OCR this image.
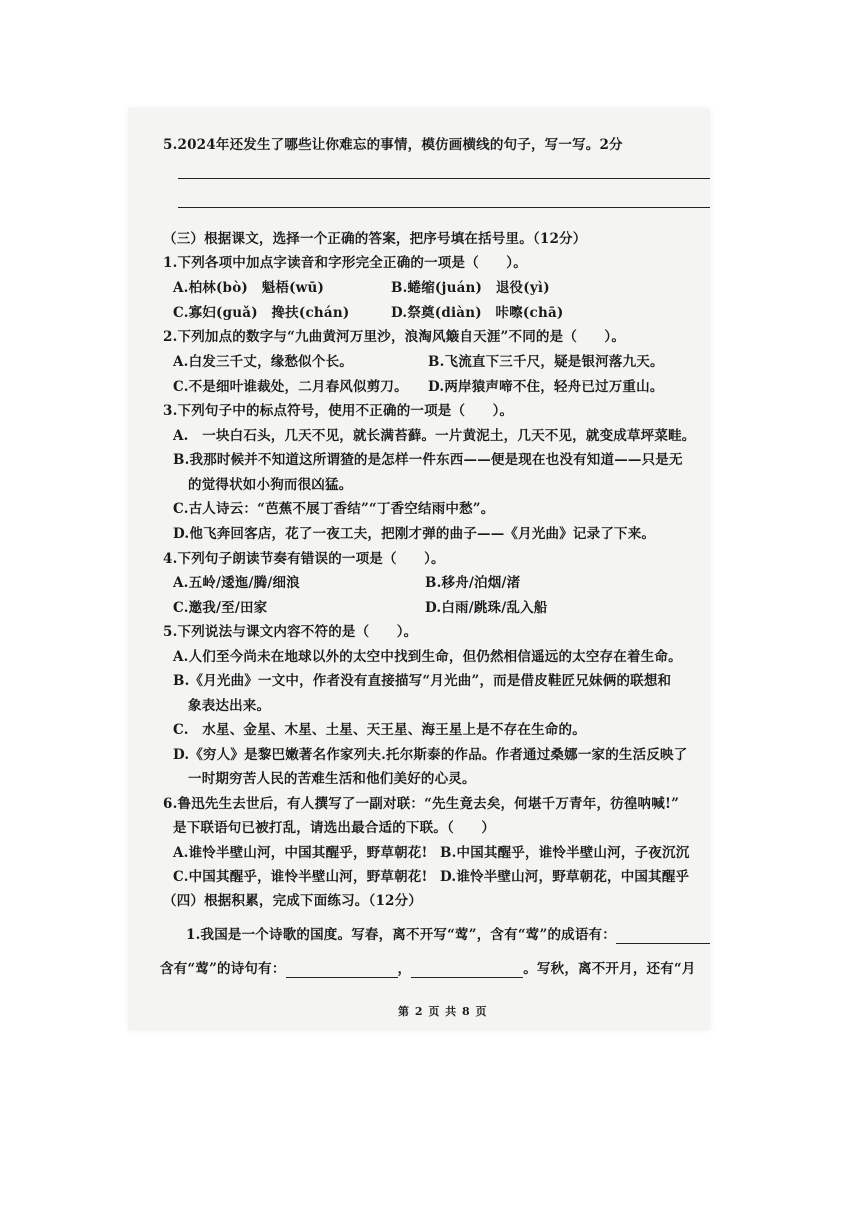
5.2024年还发生了哪些让你难忘的事情，模仿画横线的句子，写一写。2分
（三）根据课文，选择一个正确的答案，把序号填在括号里。（12分）
1.下列各项中加点字读音和字形完全正确的一项是（　　）。
A.柏林(bò)　魁梧(wū)	B.蜷缩(juán)　退役(yì)
C.寡妇(guǎ)　搀扶(chán)	D.祭奠(diàn)　咔嚓(chā)
2.下列加点的数字与“九曲黄河万里沙，浪淘风簸自天涯”不同的是（　　）。
A.白发三千丈，缘愁似个长。	B.飞流直下三千尺，疑是银河落九天。
C.不是细叶谁裁处，二月春风似剪刀。 D.两岸猿声啼不住，轻舟已过万重山。
3.下列句子中的标点符号，使用不正确的一项是（　　）。
A.　一块白石头，几天不见，就长满苔藓。一片黄泥土，几天不见，就变成草坪菜畦。
B.我那时候并不知道这所谓猹的是怎样一件东西——便是现在也没有知道——只是无
的觉得状如小狗而很凶猛。
C.古人诗云：“芭蕉不展丁香结”“丁香空结雨中愁”。
D.他飞奔回客店，花了一夜工夫，把刚才弹的曲子——《月光曲》记录了下来。
4.下列句子朗读节奏有错误的一项是（　　）。
A.五岭/逶迤/腾/细浪	B.移舟/泊烟/渚
C.邀我/至/田家	D.白雨/跳珠/乱入船
5.下列说法与课文内容不符的是（　　）。
A.人们至今尚未在地球以外的太空中找到生命，但仍然相信遥远的太空存在着生命。
B.《月光曲》一文中，作者没有直接描写“月光曲”，而是借皮鞋匠兄妹俩的联想和
象表达出来。
C.　水星、金星、木星、土星、天王星、海王星上是不存在生命的。
D.《穷人》是黎巴嫩著名作家列夫.托尔斯泰的作品。作者通过桑娜一家的生活反映了
一时期穷苦人民的苦难生活和他们美好的心灵。
6.鲁迅先生去世后，有人撰写了一副对联：“先生竟去矣，何堪千万青年，彷徨呐喊!”
是下联语句已被打乱，请选出最合适的下联。（　　）
A.谁怜半壁山河，中国其醒乎，野草朝花! B.中国其醒乎，谁怜半壁山河，子夜沉沉
C.中国其醒乎，谁怜半壁山河，野草朝花! D.谁怜半壁山河，野草朝花，中国其醒乎
（四）根据积累，完成下面练习。（12分）
1.我国是一个诗歌的国度。写春，离不开写“莺”，含有“莺”的成语有：
含有“莺”的诗句有：	，	。写秋，离不开月，还有“月
第 2 页 共 8 页
